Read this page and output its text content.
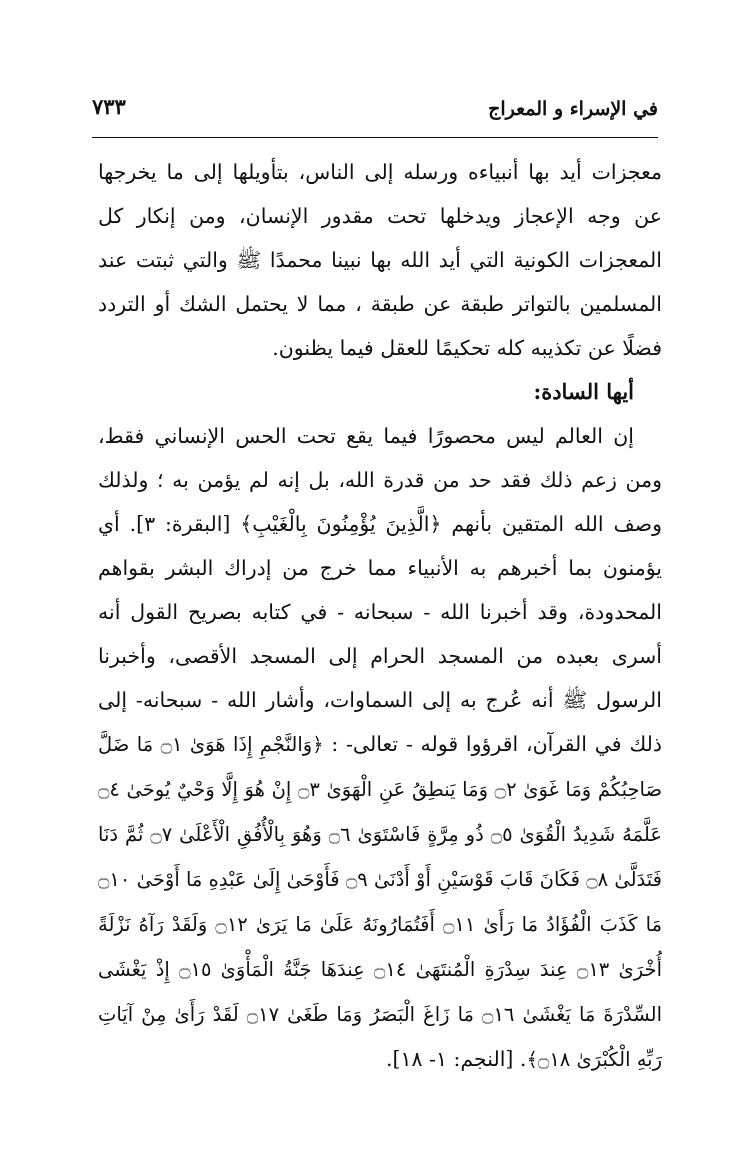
في الإسراء و المعراج
٧٣٣

معجزات أيد بها أنبياءه ورسله إلى الناس، بتأويلها إلى ما يخرجها عن وجه الإعجاز ويدخلها تحت مقدور الإنسان، ومن إنكار كل المعجزات الكونية التي أيد الله بها نبينا محمدًا ﷺ والتي ثبتت عند المسلمين بالتواتر طبقة عن طبقة ، مما لا يحتمل الشك أو التردد فضلًا عن تكذيبه كله تحكيمًا للعقل فيما يظنون.

أيها السادة:

إن العالم ليس محصورًا فيما يقع تحت الحس الإنساني فقط، ومن زعم ذلك فقد حد من قدرة الله، بل إنه لم يؤمن به ؛ ولذلك وصف الله المتقين بأنهم ﴿الَّذِينَ يُؤْمِنُونَ بِالْغَيْبِ﴾ [البقرة: ٣]. أي يؤمنون بما أخبرهم به الأنبياء مما خرج من إدراك البشر بقواهم المحدودة، وقد أخبرنا الله - سبحانه - في كتابه بصريح القول أنه أسرى بعبده من المسجد الحرام إلى المسجد الأقصى، وأخبرنا الرسول ﷺ أنه عُرج به إلى السماوات، وأشار الله - سبحانه- إلى ذلك في القرآن، اقرؤوا قوله - تعالى- : ﴿وَالنَّجْمِ إِذَا هَوَىٰ ۝١ مَا ضَلَّ صَاحِبُكُمْ وَمَا غَوَىٰ ۝٢ وَمَا يَنطِقُ عَنِ الْهَوَىٰ ۝٣ إِنْ هُوَ إِلَّا وَحْيٌ يُوحَىٰ ۝٤ عَلَّمَهُ شَدِيدُ الْقُوَىٰ ۝٥ ذُو مِرَّةٍ فَاسْتَوَىٰ ۝٦ وَهُوَ بِالْأُفُقِ الْأَعْلَىٰ ۝٧ ثُمَّ دَنَا فَتَدَلَّىٰ ۝٨ فَكَانَ قَابَ قَوْسَيْنِ أَوْ أَدْنَىٰ ۝٩ فَأَوْحَىٰ إِلَىٰ عَبْدِهِ مَا أَوْحَىٰ ۝١٠ مَا كَذَبَ الْفُؤَادُ مَا رَأَىٰ ۝١١ أَفَتُمَارُونَهُ عَلَىٰ مَا يَرَىٰ ۝١٢ وَلَقَدْ رَآهُ نَزْلَةً أُخْرَىٰ ۝١٣ عِندَ سِدْرَةِ الْمُنتَهَىٰ ۝١٤ عِندَهَا جَنَّةُ الْمَأْوَىٰ ۝١٥ إِذْ يَغْشَى السِّدْرَةَ مَا يَغْشَىٰ ۝١٦ مَا زَاغَ الْبَصَرُ وَمَا طَغَىٰ ۝١٧ لَقَدْ رَأَىٰ مِنْ آيَاتِ رَبِّهِ الْكُبْرَىٰ ۝١٨﴾. [النجم: ١- ١٨].
